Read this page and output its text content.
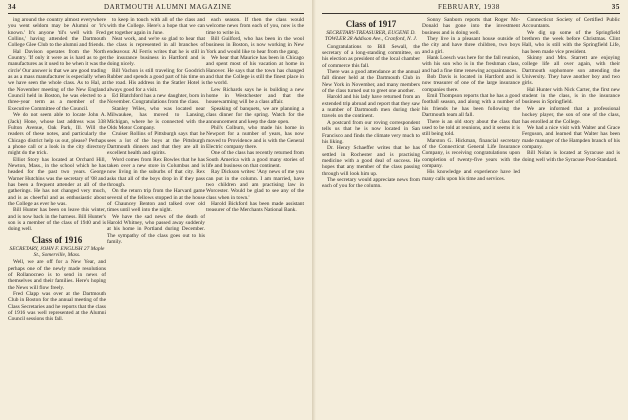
34	DARTMOUTH ALUMNI MAGAZINE	FEBRUARY, 1938	35

ing around the country almost everywhere you went seldom may be Alumni or 'it's known.' It's anyone 'til's well with Fred Collins,' having attended the Dartmouth College Glee Club to the alumni and friends.

Hal Davison operates from the North Country. 'If only it were as is hard as to get manufactures as it used to be when it was the circle' Our answer is that we are good trading as as a mass manufacturer is especially when we have seen the whole class. As to Hal, at the November meeting of the New England Council held in Boston, he was elected to a three-year term as a member of the Executive Committee of the Council.

We do not seem able to locate John A. (Jack) Hone, whose last address was 338 Fulton Avenue, Oak Park, Ill. Will the readers of these notes, and particularly the Chicago district help us out, please? Perhaps a phone call or a look in the city directory might do the trick.

Elliot Story has located at Orchard Hill, Newton, Mass., in the school which he has headed for the past two years. George Warner Hutchins was the secretary of '08 and has been a frequent attender at all of the gatherings. He has not changed very much, and is as cheerful and as enthusiastic about the College as ever he was.

Bill Hunter has been on leave this winter, and is now back in the harness. Bill Hunter's son is a member of the class of 1940 and is doing well.

Class of 1916
SECRETARY, JOHN F. ENGLISH 27 Maple St., Somerville, Mass.

Well, we are off for a New Year, and perhaps one of the newly made resolutions of Rollanocneo is to send in news of themselves and their families. Here's hoping the News will flow freely.

Fred Clapp was over at the Dartmouth Club in Boston for the annual meeting of the Class Secretaries and he reports that the class of 1916 was well represented at the Alumni Council sessions this fall.

to keep in touch with all of the class and with the College. Here's a hope that we can get together again in June.

Neat work, and we're so glad to hear that the class is represented in all branches of endeavour. Al Ferris writes that he is still in the insurance business in Hartford and is doing nicely.

Bill Vachon is still traveling for Goodrich Rubber and spends a good part of his time on the road. His address in the Statler Hotel is always good for a visit.

Ed Blatchford has a new daughter, born in November. Congratulations from the class.

Stanley Wiles, who was located near Milwaukee, has moved to Lansing, Michigan, where he is connected with the Olds Motor Company.

Cruiser Rollins of Pittsburgh says that he sees a lot of the boys at the Pittsburgh Dartmouth dinners and that they are all in excellent health and spirits.

Word comes from Rex Bowles that he has taken over a new store in Columbus and is now living in the suburbs of that city. Rex asks that all of the boys drop in if they pass through.

On the return trip from the Harvard game several of the fellows stopped in at the house of Chauncey Benton and talked over old times until well into the night.

We have the sad news of the death of Harold Whitney, who passed away suddenly at his home in Portland during December. The sympathy of the class goes out to his family.

each season. If then the class would welcome news from each of you, now is the time to write in.

Bill Guilford, who has been in the wool business in Boston, is now working in New York and would like to hear from the gang.

We hear that Maurice has been in Chicago and spent most of his vacation at home in Hanover. He says that the town has changed and that the College is still the finest place in the world.

Lew Richards says he is building a new home in Westchester and that the housewarming will be a class affair.

Speaking of banquets, we are planning a class dinner for the spring. Watch for the announcement and keep the date open.

Phil's Colburn, who made his home in Newport for a number of years, has now moved to Providence and is with the General Electric company there.

One of the class has recently returned from South America with a good many stories of life and business on that continent.

Ray Dickson writes: 'Any news of me you can put in the column. I am married, have two children and am practising law in Worcester. Would be glad to see any of the class when in town.'

Harold Bickford has been made assistant treasurer of the Merchants National Bank.

Class of 1917
SECRETARY-TREASURER, EUGENE D. TOWLER 28 Addison Ave., Cranford, N. J.

Congratulations to Bill Sewall, the secretary of a long-standing committee, on his election as president of the local chamber of commerce this fall.

There was a good attendance at the annual fall dinner held at the Dartmouth Club in New York in November, and many members of the class turned out to greet one another.

Harold and his lady have returned from an extended trip abroad and report that they saw a number of Dartmouth men during their travels on the continent.

A postcard from our roving correspondent tells us that he is now located in San Francisco and finds the climate very much to his liking.

Dr. Henry Schaeffer writes that he has settled in Rochester and is practising medicine with a good deal of success. He hopes that any member of the class passing through will look him up.

The secretary would appreciate news from each of you for the column.

Sonny Sanborn reports that Roger Mc- Donald has gone into the investment business and is doing well.

They live in a pleasant house outside of the city and have three children, two boys and a girl.

Hank Loesch was here for the fall reunion, with his son who is in the freshman class, and had a fine time renewing acquaintances.

Bob Davis is located in Hartford and is now treasurer of one of the large insurance companies there.

Emil Thompson reports that he has a good football season, and along with a number of his friends he has been following the Dartmouth team all fall.

There is an old story about the class that used to be told at reunions, and it seems it is still being told.

Marston G. Hickman, financial secretary of the Connecticut General Life Insurance Company, is receiving congratulations upon completion of twenty-five years with the company.

His knowledge and experience have led many calls upon his time and services.

Connecticut Society of Certified Public Accountants.

We dig up some of the Springfield brethren the week before Christmas. Clint Hall, who is still with the Springfield Life, has been made vice president.

Skinny and Mrs. Starrett are enjoying college life all over again, with their Dartmouth sophomore son attending the University. They have another boy and two girls.

Hal Hunter with Nick Carter, the first new student in the class, is in the insurance business in Springfield.

We are informed that a professional hockey player, the son of one of the class, has enrolled at the College.

We had a nice visit with Walter and Grace Ferguson, and learned that Walter has been made manager of the Hampden branch of his company.

Bill Nolan is located at Syracuse and is doing well with the Syracuse Post-Standard.
